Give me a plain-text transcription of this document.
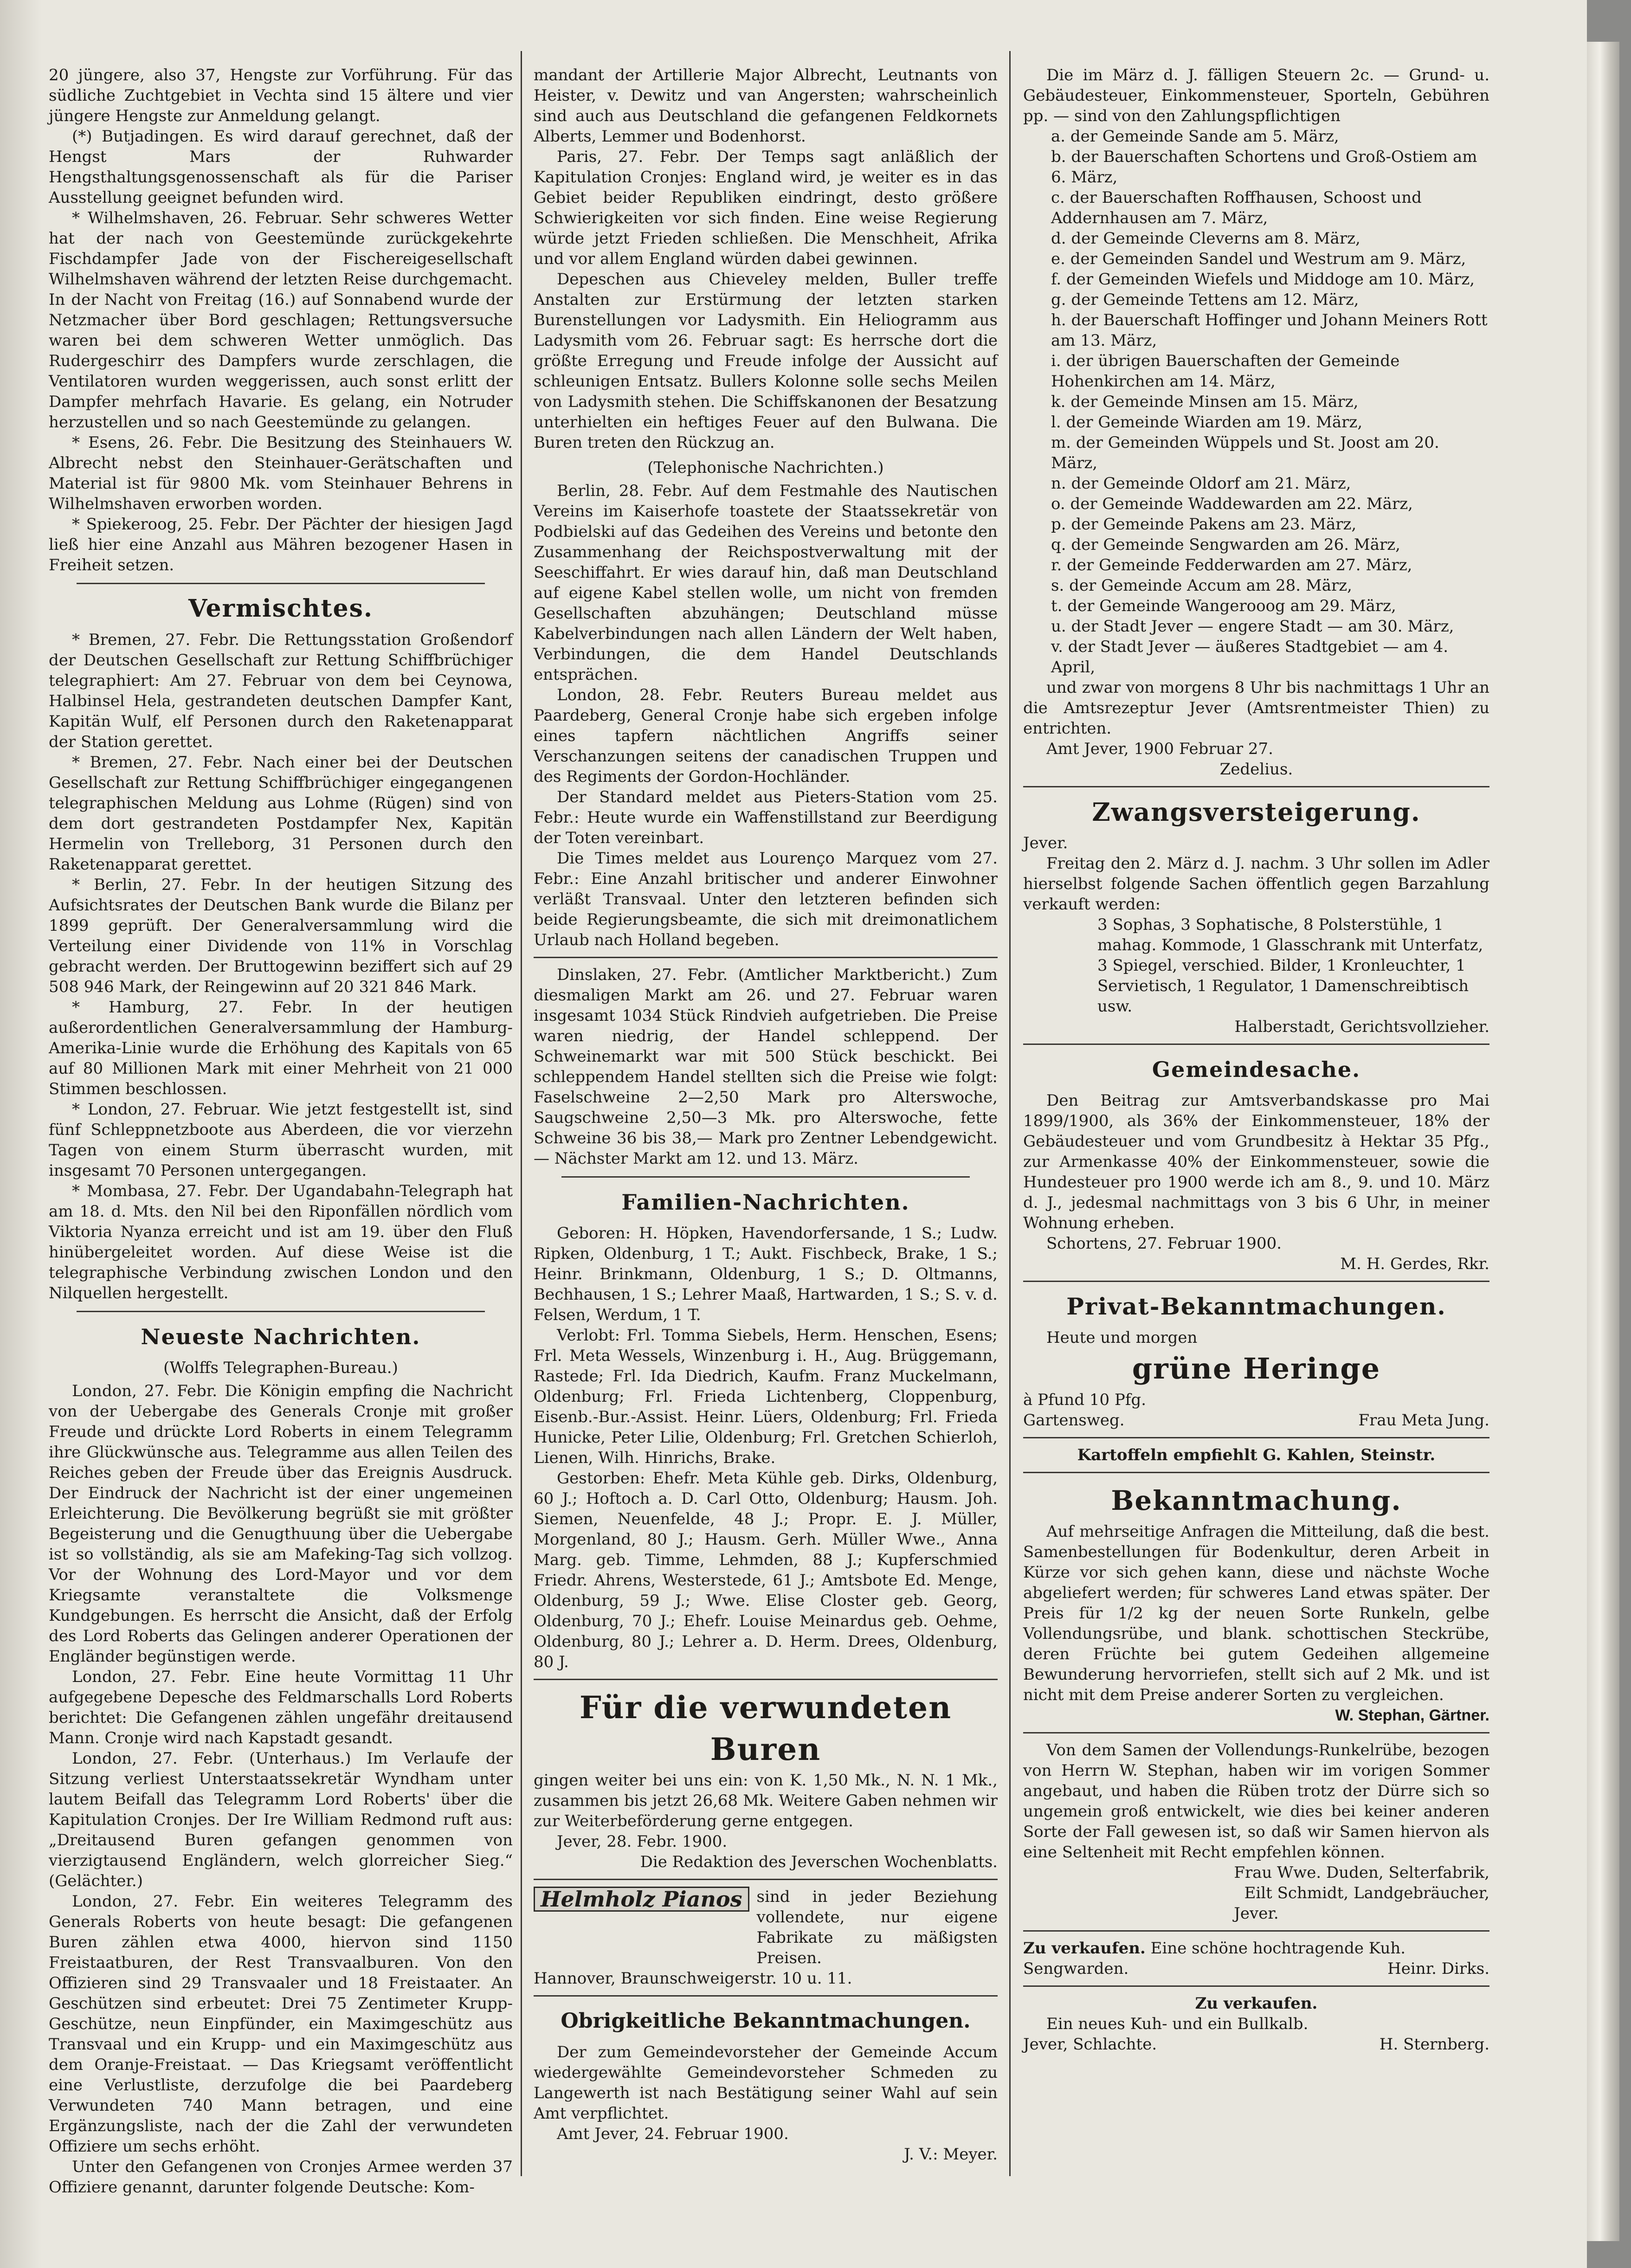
20 jüngere, also 37, Hengste zur Vorführung. Für das südliche Zuchtgebiet in Vechta sind 15 ältere und vier jüngere Hengste zur Anmeldung gelangt.

(*) Butjadingen. Es wird darauf gerechnet, daß der Hengst Mars der Ruhwarder Hengsthaltungsgenossenschaft als für die Pariser Ausstellung geeignet befunden wird.

* Wilhelmshaven, 26. Februar. Sehr schweres Wetter hat der nach von Geestemünde zurückgekehrte Fischdampfer Jade von der Fischereigesellschaft Wilhelmshaven während der letzten Reise durchgemacht. In der Nacht von Freitag (16.) auf Sonnabend wurde der Netzmacher über Bord geschlagen; Rettungsversuche waren bei dem schweren Wetter unmöglich. Das Rudergeschirr des Dampfers wurde zerschlagen, die Ventilatoren wurden weggerissen, auch sonst erlitt der Dampfer mehrfach Havarie. Es gelang, ein Notruder herzustellen und so nach Geestemünde zu gelangen.

* Esens, 26. Febr. Die Besitzung des Steinhauers W. Albrecht nebst den Steinhauer-Gerätschaften und Material ist für 9800 Mk. vom Steinhauer Behrens in Wilhelmshaven erworben worden.

* Spiekeroog, 25. Febr. Der Pächter der hiesigen Jagd ließ hier eine Anzahl aus Mähren bezogener Hasen in Freiheit setzen.

Vermischtes.

* Bremen, 27. Febr. Die Rettungsstation Großendorf der Deutschen Gesellschaft zur Rettung Schiffbrüchiger telegraphiert: Am 27. Februar von dem bei Ceynowa, Halbinsel Hela, gestrandeten deutschen Dampfer Kant, Kapitän Wulf, elf Personen durch den Raketenapparat der Station gerettet.

* Bremen, 27. Febr. Nach einer bei der Deutschen Gesellschaft zur Rettung Schiffbrüchiger eingegangenen telegraphischen Meldung aus Lohme (Rügen) sind von dem dort gestrandeten Postdampfer Nex, Kapitän Hermelin von Trelleborg, 31 Personen durch den Raketenapparat gerettet.

* Berlin, 27. Febr. In der heutigen Sitzung des Aufsichtsrates der Deutschen Bank wurde die Bilanz per 1899 geprüft. Der Generalversammlung wird die Verteilung einer Dividende von 11% in Vorschlag gebracht werden. Der Bruttogewinn beziffert sich auf 29 508 946 Mark, der Reingewinn auf 20 321 846 Mark.

* Hamburg, 27. Febr. In der heutigen außerordentlichen Generalversammlung der Hamburg-Amerika-Linie wurde die Erhöhung des Kapitals von 65 auf 80 Millionen Mark mit einer Mehrheit von 21 000 Stimmen beschlossen.

* London, 27. Februar. Wie jetzt festgestellt ist, sind fünf Schleppnetzboote aus Aberdeen, die vor vierzehn Tagen von einem Sturm überrascht wurden, mit insgesamt 70 Personen untergegangen.

* Mombasa, 27. Febr. Der Ugandabahn-Telegraph hat am 18. d. Mts. den Nil bei den Riponfällen nördlich vom Viktoria Nyanza erreicht und ist am 19. über den Fluß hinübergeleitet worden. Auf diese Weise ist die telegraphische Verbindung zwischen London und den Nilquellen hergestellt.

Neueste Nachrichten.
(Wolffs Telegraphen-Bureau.)

London, 27. Febr. Die Königin empfing die Nachricht von der Uebergabe des Generals Cronje mit großer Freude und drückte Lord Roberts in einem Telegramm ihre Glückwünsche aus. Telegramme aus allen Teilen des Reiches geben der Freude über das Ereignis Ausdruck. Der Eindruck der Nachricht ist der einer ungemeinen Erleichterung. Die Bevölkerung begrüßt sie mit größter Begeisterung und die Genugthuung über die Uebergabe ist so vollständig, als sie am Mafeking-Tag sich vollzog. Vor der Wohnung des Lord-Mayor und vor dem Kriegsamte veranstaltete die Volksmenge Kundgebungen. Es herrscht die Ansicht, daß der Erfolg des Lord Roberts das Gelingen anderer Operationen der Engländer begünstigen werde.

London, 27. Febr. Eine heute Vormittag 11 Uhr aufgegebene Depesche des Feldmarschalls Lord Roberts berichtet: Die Gefangenen zählen ungefähr dreitausend Mann. Cronje wird nach Kapstadt gesandt.

London, 27. Febr. (Unterhaus.) Im Verlaufe der Sitzung verliest Unterstaatssekretär Wyndham unter lautem Beifall das Telegramm Lord Roberts' über die Kapitulation Cronjes. Der Ire William Redmond ruft aus: „Dreitausend Buren gefangen genommen von vierzigtausend Engländern, welch glorreicher Sieg.“ (Gelächter.)

London, 27. Febr. Ein weiteres Telegramm des Generals Roberts von heute besagt: Die gefangenen Buren zählen etwa 4000, hiervon sind 1150 Freistaatburen, der Rest Transvaalburen. Von den Offizieren sind 29 Transvaaler und 18 Freistaater. An Geschützen sind erbeutet: Drei 75 Zentimeter Krupp-Geschütze, neun Einpfünder, ein Maximgeschütz aus Transvaal und ein Krupp- und ein Maximgeschütz aus dem Oranje-Freistaat. — Das Kriegsamt veröffentlicht eine Verlustliste, derzufolge die bei Paardeberg Verwundeten 740 Mann betragen, und eine Ergänzungsliste, nach der die Zahl der verwundeten Offiziere um sechs erhöht.

Unter den Gefangenen von Cronjes Armee werden 37 Offiziere genannt, darunter folgende Deutsche: Kom-

mandant der Artillerie Major Albrecht, Leutnants von Heister, v. Dewitz und van Angersten; wahrscheinlich sind auch aus Deutschland die gefangenen Feldkornets Alberts, Lemmer und Bodenhorst.

Paris, 27. Febr. Der Temps sagt anläßlich der Kapitulation Cronjes: England wird, je weiter es in das Gebiet beider Republiken eindringt, desto größere Schwierigkeiten vor sich finden. Eine weise Regierung würde jetzt Frieden schließen. Die Menschheit, Afrika und vor allem England würden dabei gewinnen.

Depeschen aus Chieveley melden, Buller treffe Anstalten zur Erstürmung der letzten starken Burenstellungen vor Ladysmith. Ein Heliogramm aus Ladysmith vom 26. Februar sagt: Es herrsche dort die größte Erregung und Freude infolge der Aussicht auf schleunigen Entsatz. Bullers Kolonne solle sechs Meilen von Ladysmith stehen. Die Schiffskanonen der Besatzung unterhielten ein heftiges Feuer auf den Bulwana. Die Buren treten den Rückzug an.

(Telephonische Nachrichten.)

Berlin, 28. Febr. Auf dem Festmahle des Nautischen Vereins im Kaiserhofe toastete der Staatssekretär von Podbielski auf das Gedeihen des Vereins und betonte den Zusammenhang der Reichspostverwaltung mit der Seeschiffahrt. Er wies darauf hin, daß man Deutschland auf eigene Kabel stellen wolle, um nicht von fremden Gesellschaften abzuhängen; Deutschland müsse Kabelverbindungen nach allen Ländern der Welt haben, Verbindungen, die dem Handel Deutschlands entsprächen.

London, 28. Febr. Reuters Bureau meldet aus Paardeberg, General Cronje habe sich ergeben infolge eines tapfern nächtlichen Angriffs seiner Verschanzungen seitens der canadischen Truppen und des Regiments der Gordon-Hochländer.

Der Standard meldet aus Pieters-Station vom 25. Febr.: Heute wurde ein Waffenstillstand zur Beerdigung der Toten vereinbart.

Die Times meldet aus Lourenço Marquez vom 27. Febr.: Eine Anzahl britischer und anderer Einwohner verläßt Transvaal. Unter den letzteren befinden sich beide Regierungsbeamte, die sich mit dreimonatlichem Urlaub nach Holland begeben.

Dinslaken, 27. Febr. (Amtlicher Marktbericht.) Zum diesmaligen Markt am 26. und 27. Februar waren insgesamt 1034 Stück Rindvieh aufgetrieben. Die Preise waren niedrig, der Handel schleppend. Der Schweinemarkt war mit 500 Stück beschickt. Bei schleppendem Handel stellten sich die Preise wie folgt: Faselschweine 2—2,50 Mark pro Alterswoche, Saugschweine 2,50—3 Mk. pro Alterswoche, fette Schweine 36 bis 38,— Mark pro Zentner Lebendgewicht. — Nächster Markt am 12. und 13. März.

Familien-Nachrichten.

Geboren: H. Höpken, Havendorfersande, 1 S.; Ludw. Ripken, Oldenburg, 1 T.; Aukt. Fischbeck, Brake, 1 S.; Heinr. Brinkmann, Oldenburg, 1 S.; D. Oltmanns, Bechhausen, 1 S.; Lehrer Maaß, Hartwarden, 1 S.; S. v. d. Felsen, Werdum, 1 T.

Verlobt: Frl. Tomma Siebels, Herm. Henschen, Esens; Frl. Meta Wessels, Winzenburg i. H., Aug. Brüggemann, Rastede; Frl. Ida Diedrich, Kaufm. Franz Muckelmann, Oldenburg; Frl. Frieda Lichtenberg, Cloppenburg, Eisenb.-Bur.-Assist. Heinr. Lüers, Oldenburg; Frl. Frieda Hunicke, Peter Lilie, Oldenburg; Frl. Gretchen Schierloh, Lienen, Wilh. Hinrichs, Brake.

Gestorben: Ehefr. Meta Kühle geb. Dirks, Oldenburg, 60 J.; Hoftoch a. D. Carl Otto, Oldenburg; Hausm. Joh. Siemen, Neuenfelde, 48 J.; Propr. E. J. Müller, Morgenland, 80 J.; Hausm. Gerh. Müller Wwe., Anna Marg. geb. Timme, Lehmden, 88 J.; Kupferschmied Friedr. Ahrens, Westerstede, 61 J.; Amtsbote Ed. Menge, Oldenburg, 59 J.; Wwe. Elise Closter geb. Georg, Oldenburg, 70 J.; Ehefr. Louise Meinardus geb. Oehme, Oldenburg, 80 J.; Lehrer a. D. Herm. Drees, Oldenburg, 80 J.

Für die verwundeten Buren

gingen weiter bei uns ein: von K. 1,50 Mk., N. N. 1 Mk., zusammen bis jetzt 26,68 Mk. Weitere Gaben nehmen wir zur Weiterbeförderung gerne entgegen.

Jever, 28. Febr. 1900.

Die Redaktion des Jeverschen Wochenblatts.

Helmholz Pianos sind in jeder Beziehung vollendete, nur eigene Fabrikate zu mäßigsten Preisen.

Hannover, Braunschweigerstr. 10 u. 11.

Obrigkeitliche Bekanntmachungen.

Der zum Gemeindevorsteher der Gemeinde Accum wiedergewählte Gemeindevorsteher Schmeden zu Langewerth ist nach Bestätigung seiner Wahl auf sein Amt verpflichtet.

Amt Jever, 24. Februar 1900.

J. V.: Meyer.

Die im März d. J. fälligen Steuern 2c. — Grund- u. Gebäudesteuer, Einkommensteuer, Sporteln, Gebühren pp. — sind von den Zahlungspflichtigen

a. der Gemeinde Sande am 5. März,

b. der Bauerschaften Schortens und Groß-Ostiem am 6. März,

c. der Bauerschaften Roffhausen, Schoost und Addernhausen am 7. März,

d. der Gemeinde Cleverns am 8. März,

e. der Gemeinden Sandel und Westrum am 9. März,

f. der Gemeinden Wiefels und Middoge am 10. März,

g. der Gemeinde Tettens am 12. März,

h. der Bauerschaft Hoffinger und Johann Meiners Rott am 13. März,

i. der übrigen Bauerschaften der Gemeinde Hohenkirchen am 14. März,

k. der Gemeinde Minsen am 15. März,

l. der Gemeinde Wiarden am 19. März,

m. der Gemeinden Wüppels und St. Joost am 20. März,

n. der Gemeinde Oldorf am 21. März,

o. der Gemeinde Waddewarden am 22. März,

p. der Gemeinde Pakens am 23. März,

q. der Gemeinde Sengwarden am 26. März,

r. der Gemeinde Fedderwarden am 27. März,

s. der Gemeinde Accum am 28. März,

t. der Gemeinde Wangerooog am 29. März,

u. der Stadt Jever — engere Stadt — am 30. März,

v. der Stadt Jever — äußeres Stadtgebiet — am 4. April,

und zwar von morgens 8 Uhr bis nachmittags 1 Uhr an die Amtsrezeptur Jever (Amtsrentmeister Thien) zu entrichten.

Amt Jever, 1900 Februar 27.

Zedelius.

Zwangsversteigerung.

Jever.

Freitag den 2. März d. J. nachm. 3 Uhr sollen im Adler hierselbst folgende Sachen öffentlich gegen Barzahlung verkauft werden:

3 Sophas, 3 Sophatische, 8 Polsterstühle, 1 mahag. Kommode, 1 Glasschrank mit Unterfatz, 3 Spiegel, verschied. Bilder, 1 Kronleuchter, 1 Servietisch, 1 Regulator, 1 Damenschreibtisch usw.

Halberstadt, Gerichtsvollzieher.

Gemeindesache.

Den Beitrag zur Amtsverbandskasse pro Mai 1899/1900, als 36% der Einkommensteuer, 18% der Gebäudesteuer und vom Grundbesitz à Hektar 35 Pfg., zur Armenkasse 40% der Einkommensteuer, sowie die Hundesteuer pro 1900 werde ich am 8., 9. und 10. März d. J., jedesmal nachmittags von 3 bis 6 Uhr, in meiner Wohnung erheben.

Schortens, 27. Februar 1900.

M. H. Gerdes, Rkr.

Privat-Bekanntmachungen.

Heute und morgen

grüne Heringe

à Pfund 10 Pfg.

Gartensweg.	Frau Meta Jung.

Kartoffeln empfiehlt G. Kahlen, Steinstr.

Bekanntmachung.

Auf mehrseitige Anfragen die Mitteilung, daß die best. Samenbestellungen für Bodenkultur, deren Arbeit in Kürze vor sich gehen kann, diese und nächste Woche abgeliefert werden; für schweres Land etwas später. Der Preis für 1/2 kg der neuen Sorte Runkeln, gelbe Vollendungsrübe, und blank. schottischen Steckrübe, deren Früchte bei gutem Gedeihen allgemeine Bewunderung hervorriefen, stellt sich auf 2 Mk. und ist nicht mit dem Preise anderer Sorten zu vergleichen.

W. Stephan, Gärtner.

Von dem Samen der Vollendungs-Runkelrübe, bezogen von Herrn W. Stephan, haben wir im vorigen Sommer angebaut, und haben die Rüben trotz der Dürre sich so ungemein groß entwickelt, wie dies bei keiner anderen Sorte der Fall gewesen ist, so daß wir Samen hiervon als eine Seltenheit mit Recht empfehlen können.

Frau Wwe. Duden, Selterfabrik,

Eilt Schmidt, Landgebräucher,

Jever.

Zu verkaufen. Eine schöne hochtragende Kuh.

Sengwarden.	Heinr. Dirks.

Zu verkaufen.

Ein neues Kuh- und ein Bullkalb.

Jever, Schlachte.	H. Sternberg.
